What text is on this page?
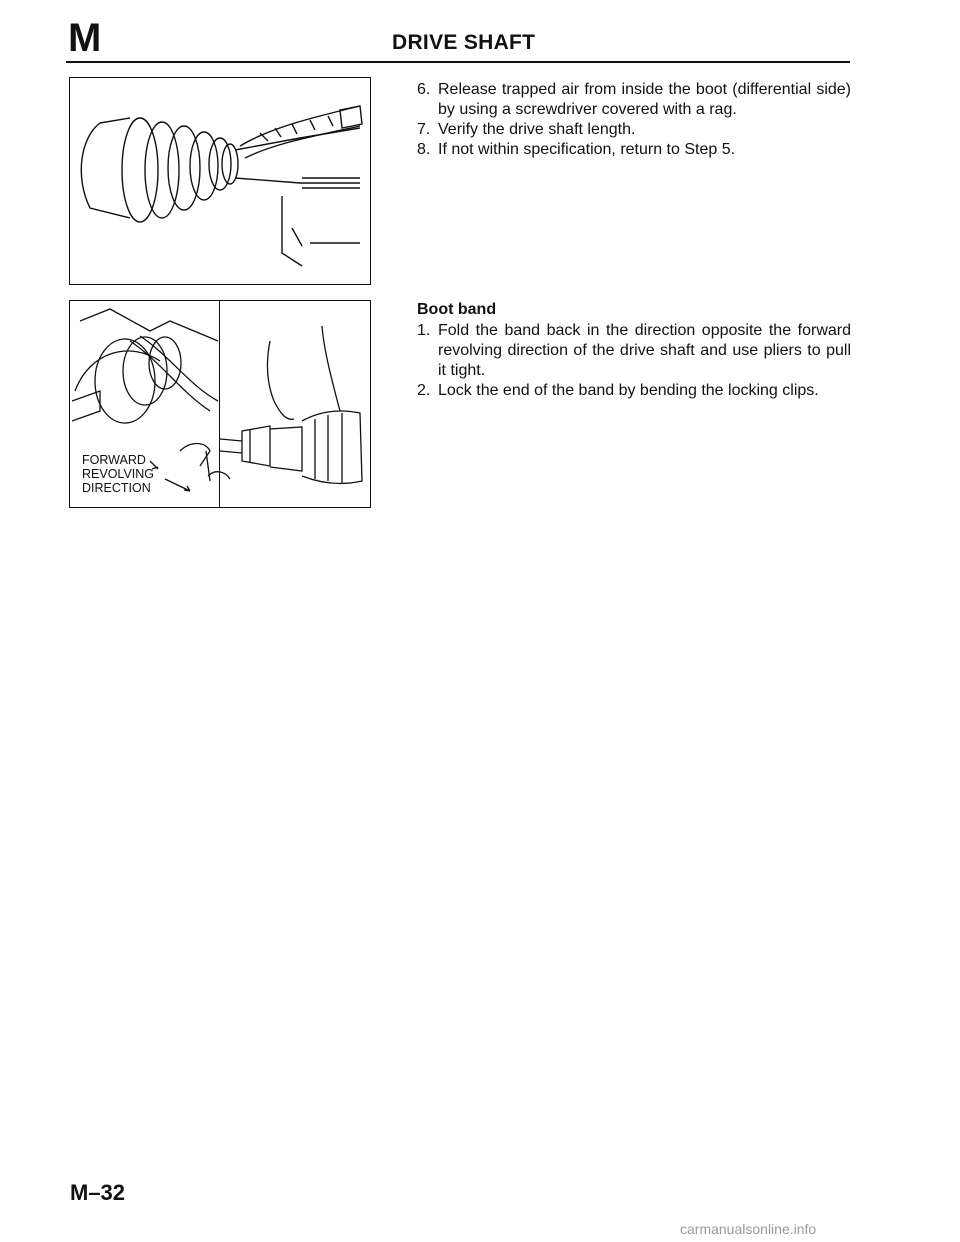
M	DRIVE SHAFT
FORWARD
REVOLVING
DIRECTION
6. Release trapped air from inside the boot (differential side) by using a screwdriver covered with a rag.
7. Verify the drive shaft length.
8. If not within specification, return to Step 5.
Boot band
1. Fold the band back in the direction opposite the forward revolving direction of the drive shaft and use pliers to pull it tight.
2. Lock the end of the band by bending the locking clips.
M–32
carmanualsonline.info
